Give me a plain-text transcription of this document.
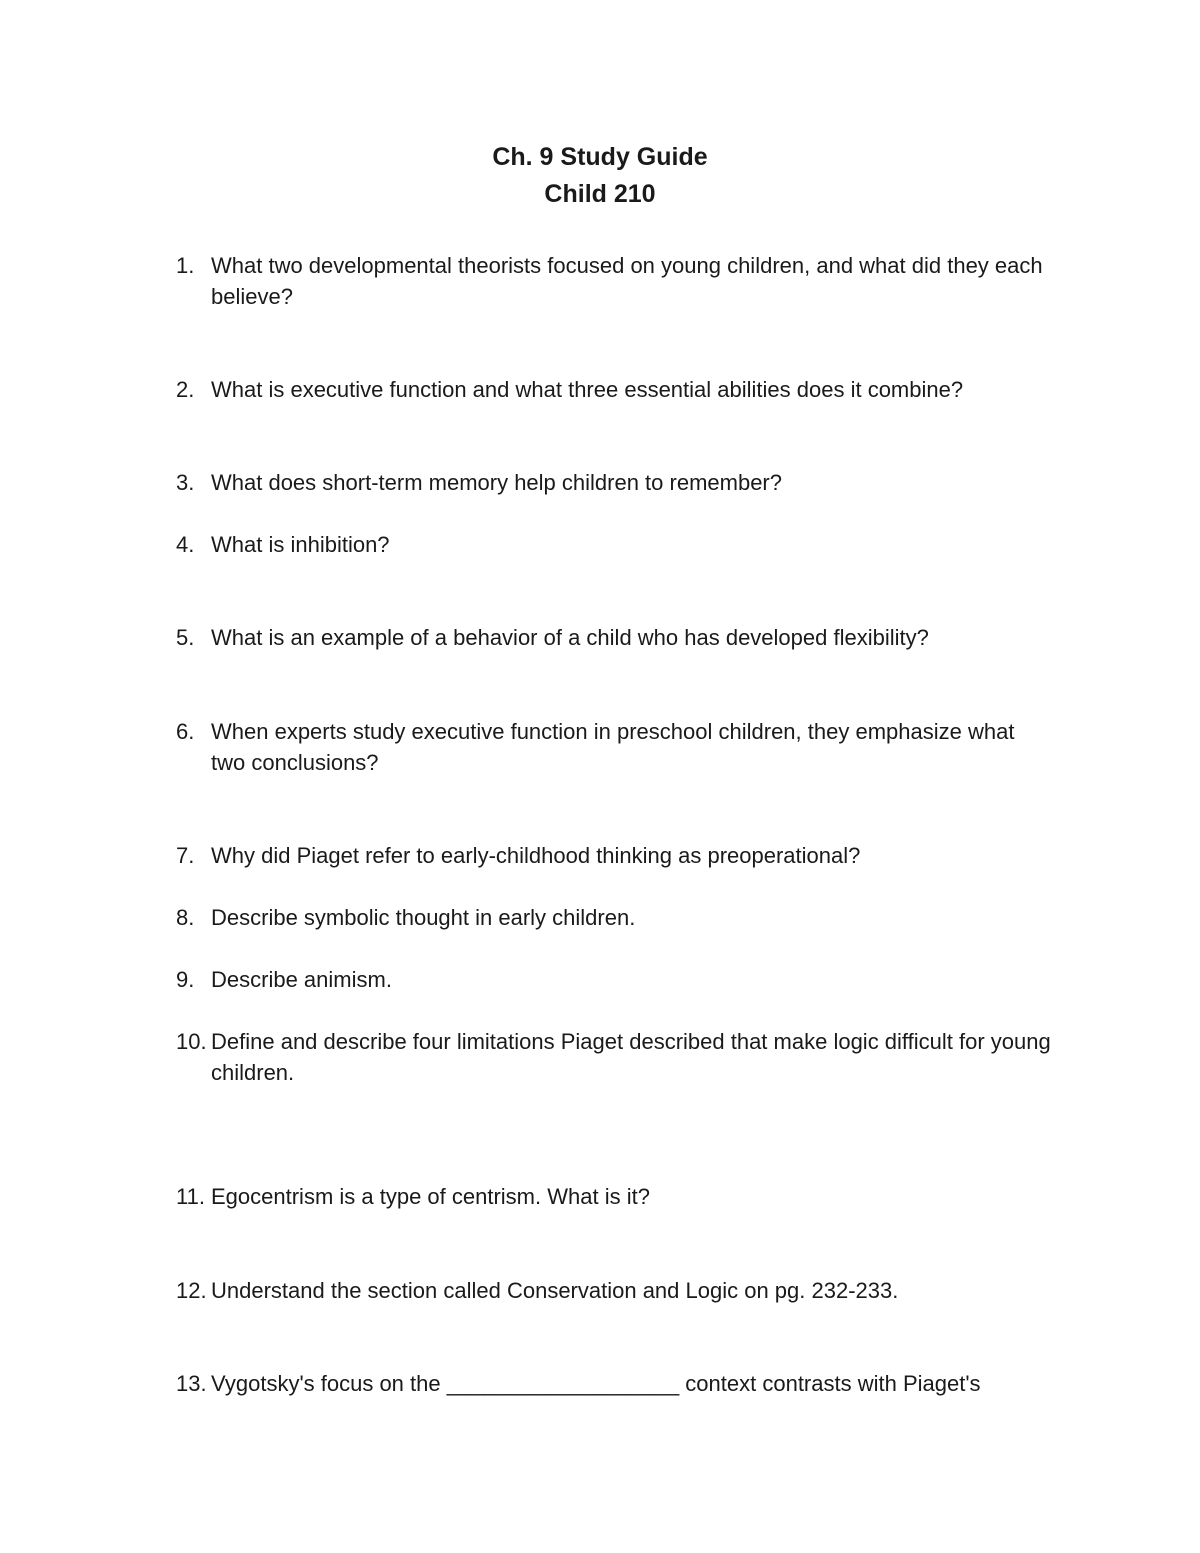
Ch. 9 Study Guide
Child 210
1. What two developmental theorists focused on young children, and what did they each believe?
2. What is executive function and what three essential abilities does it combine?
3. What does short-term memory help children to remember?
4. What is inhibition?
5. What is an example of a behavior of a child who has developed flexibility?
6. When experts study executive function in preschool children, they emphasize what two conclusions?
7. Why did Piaget refer to early-childhood thinking as preoperational?
8. Describe symbolic thought in early children.
9. Describe animism.
10. Define and describe four limitations Piaget described that make logic difficult for young children.
11. Egocentrism is a type of centrism. What is it?
12. Understand the section called Conservation and Logic on pg. 232-233.
13. Vygotsky's focus on the ___________________ context contrasts with Piaget's
